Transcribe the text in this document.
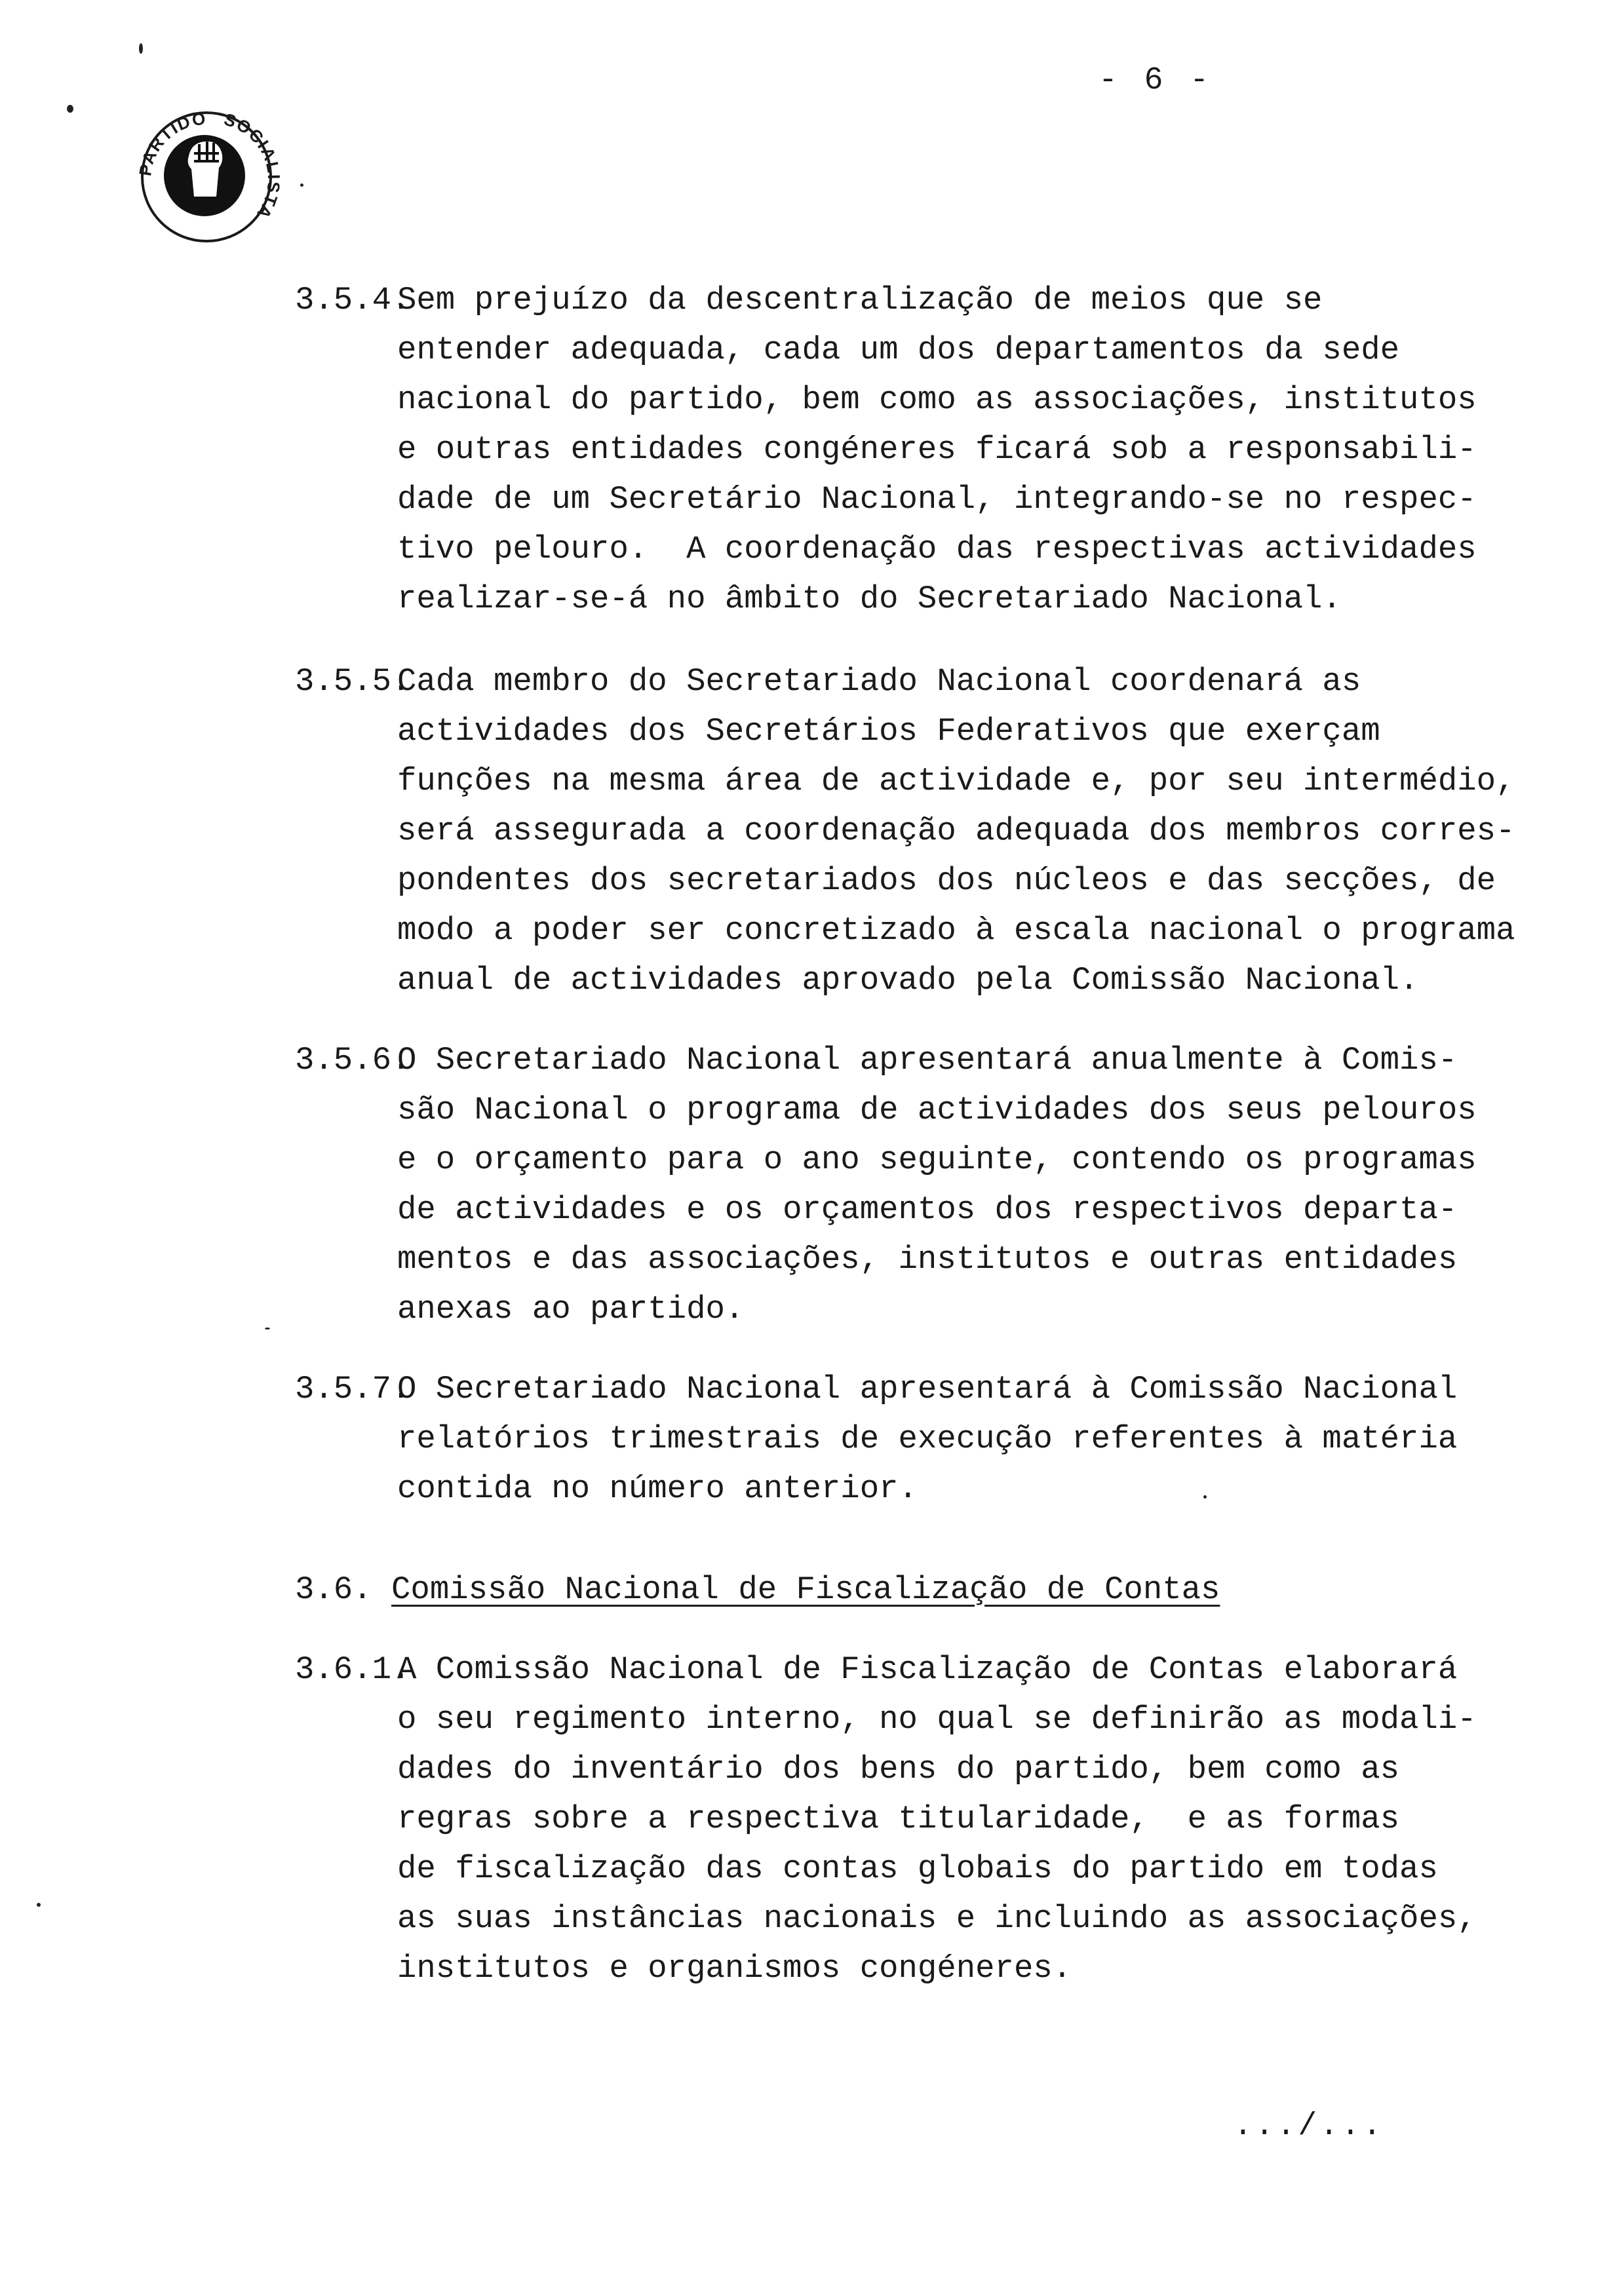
- 6 -
PARTIDO SOCIAL TA
3.5.4.
Sem prejuízo da descentralização de meios que se
entender adequada, cada um dos departamentos da sede
nacional do partido, bem como as associações, institutos
e outras entidades congéneres ficará sob a responsabili-
dade de um Secretário Nacional, integrando-se no respec-
tivo pelouro.  A coordenação das respectivas actividades
realizar-se-á no âmbito do Secretariado Nacional.
3.5.5.
Cada membro do Secretariado Nacional coordenará as
actividades dos Secretários Federativos que exerçam
funções na mesma área de actividade e, por seu intermédio,
será assegurada a coordenação adequada dos membros corres-
pondentes dos secretariados dos núcleos e das secções, de
modo a poder ser concretizado à escala nacional o programa
anual de actividades aprovado pela Comissão Nacional.
3.5.6.
O Secretariado Nacional apresentará anualmente à Comis-
são Nacional o programa de actividades dos seus pelouros
e o orçamento para o ano seguinte, contendo os programas
de actividades e os orçamentos dos respectivos departa-
mentos e das associações, institutos e outras entidades
anexas ao partido.
3.5.7.
O Secretariado Nacional apresentará à Comissão Nacional
relatórios trimestrais de execução referentes à matéria
contida no número anterior.
3.6. Comissão Nacional de Fiscalização de Contas
3.6.1.
A Comissão Nacional de Fiscalização de Contas elaborará
o seu regimento interno, no qual se definirão as modali-
dades do inventário dos bens do partido, bem como as
regras sobre a respectiva titularidade,  e as formas
de fiscalização das contas globais do partido em todas
as suas instâncias nacionais e incluindo as associações,
institutos e organismos congéneres.
.../...
